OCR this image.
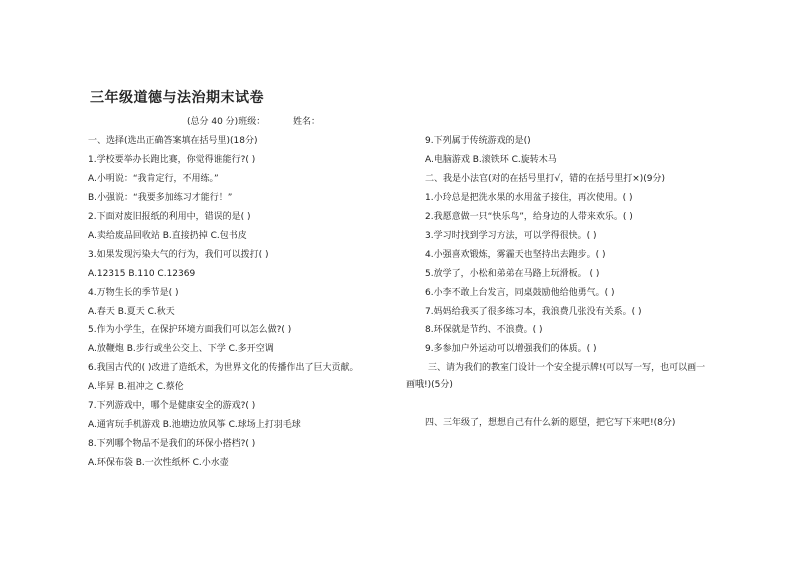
三年级道德与法治期末试卷
(总分 40 分)班级：	姓名：
一、选择(选出正确答案填在括号里)(18分)
1.学校要举办长跑比赛，你觉得谁能行?( )
A.小明说：“我肯定行，不用练。”
B.小强说：“我要多加练习才能行！”
2.下面对废旧报纸的利用中，错误的是( )
A.卖给废品回收站 B.直接扔掉 C.包书皮
3.如果发现污染大气的行为，我们可以拨打( )
A.12315 B.110 C.12369
4.万物生长的季节是( )
A.春天 B.夏天 C.秋天
5.作为小学生，在保护环境方面我们可以怎么做?( )
A.放鞭炮 B.步行或坐公交上、下学 C.多开空调
6.我国古代的( )改进了造纸术，为世界文化的传播作出了巨大贡献。
A.毕昇 B.祖冲之 C.蔡伦
7.下列游戏中，哪个是健康安全的游戏?( )
A.通宵玩手机游戏 B.池塘边放风筝 C.球场上打羽毛球
8.下列哪个物品不是我们的环保小搭档?( )
A.环保布袋 B.一次性纸杯 C.小水壶
9.下列属于传统游戏的是()
A.电脑游戏 B.滚铁环 C.旋转木马
二、我是小法官(对的在括号里打√，错的在括号里打×)(9分)
1.小玲总是把洗水果的水用盆子接住，再次使用。( )
2.我愿意做一只“快乐鸟”，给身边的人带来欢乐。( )
3.学习时找到学习方法，可以学得很快。( )
4.小强喜欢锻炼，雾霾天也坚持出去跑步。( )
5.放学了，小松和弟弟在马路上玩滑板。 ( )
6.小李不敢上台发言，同桌鼓励他给他勇气。( )
7.妈妈给我买了很多练习本，我浪费几张没有关系。( )
8.环保就是节约、不浪费。( )
9.多参加户外运动可以增强我们的体质。( )
三、请为我们的教室门设计一个安全提示牌!(可以写一写，也可以画一
画哦!)(5分)
四、三年级了，想想自己有什么新的愿望，把它写下来吧!(8分)
